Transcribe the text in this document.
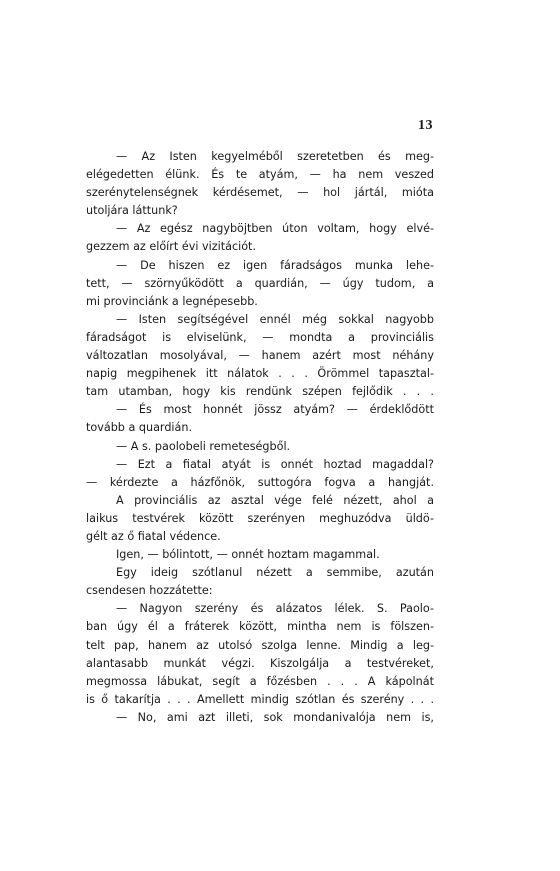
13
— Az Isten kegyelméből szeretetben és meg-
elégedetten élünk. És te atyám, — ha nem veszed
szerénytelenségnek kérdésemet, — hol jártál, mióta
utoljára láttunk?
— Az egész nagyböjtben úton voltam, hogy elvé-
gezzem az előírt évi vizitációt.
— De hiszen ez igen fáradságos munka lehe-
tett, — szörnyűködött a quardián, — úgy tudom, a
mi provinciánk a legnépesebb.
— Isten segítségével ennél még sokkal nagyobb
fáradságot is elviselünk, — mondta a provinciális
változatlan mosolyával, — hanem azért most néhány
napig megpihenek itt nálatok . . . Örömmel tapasztal-
tam utamban, hogy kis rendünk szépen fejlődik . . .
— És most honnét jössz atyám? — érdeklődött
tovább a quardián.
— A s. paolobeli remeteségből.
— Ezt a fiatal atyát is onnét hoztad magaddal?
— kérdezte a házfőnök, suttogóra fogva a hangját.
A provinciális az asztal vége felé nézett, ahol a
laikus testvérek között szerényen meghuzódva üldö-
gélt az ő fiatal védence.
Igen, — bólintott, — onnét hoztam magammal.
Egy ideig szótlanul nézett a semmibe, azután
csendesen hozzátette:
— Nagyon szerény és alázatos lélek. S. Paolo-
ban úgy él a fráterek között, mintha nem is fölszen-
telt pap, hanem az utolsó szolga lenne. Mindig a leg-
alantasabb munkát végzi. Kiszolgálja a testvéreket,
megmossa lábukat, segít a főzésben . . . A kápolnát
is ő takarítja . . . Amellett mindig szótlan és szerény . . .
— No, ami azt illeti, sok mondanivalója nem is,
